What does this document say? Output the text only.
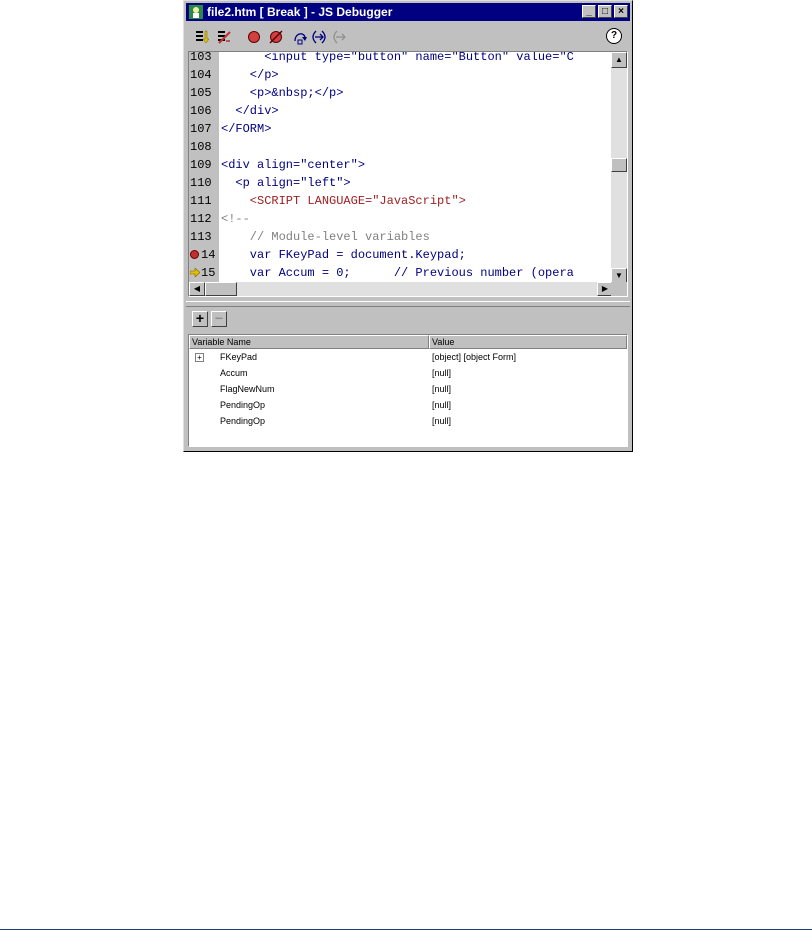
file2.htm [ Break ] - JS Debugger	_	□	×
?
103 <input type="button" name="Button" value="C
104 </p>
105 <p>&nbsp;</p>
106 </div>
107 </FORM>
108
109 <div align="center">
110 <p align="left">
111 <SCRIPT LANGUAGE="JavaScript">
112 <!--
113 // Module-level variables
14 var FKeyPad = document.Keypad;
15 var Accum = 0;      // Previous number (opera
▲
▼
◀	▶
+ −
Variable Name	Value
+ FKeyPad	[object] [object Form]
Accum	[null]
FlagNewNum	[null]
PendingOp	[null]
PendingOp	[null]
